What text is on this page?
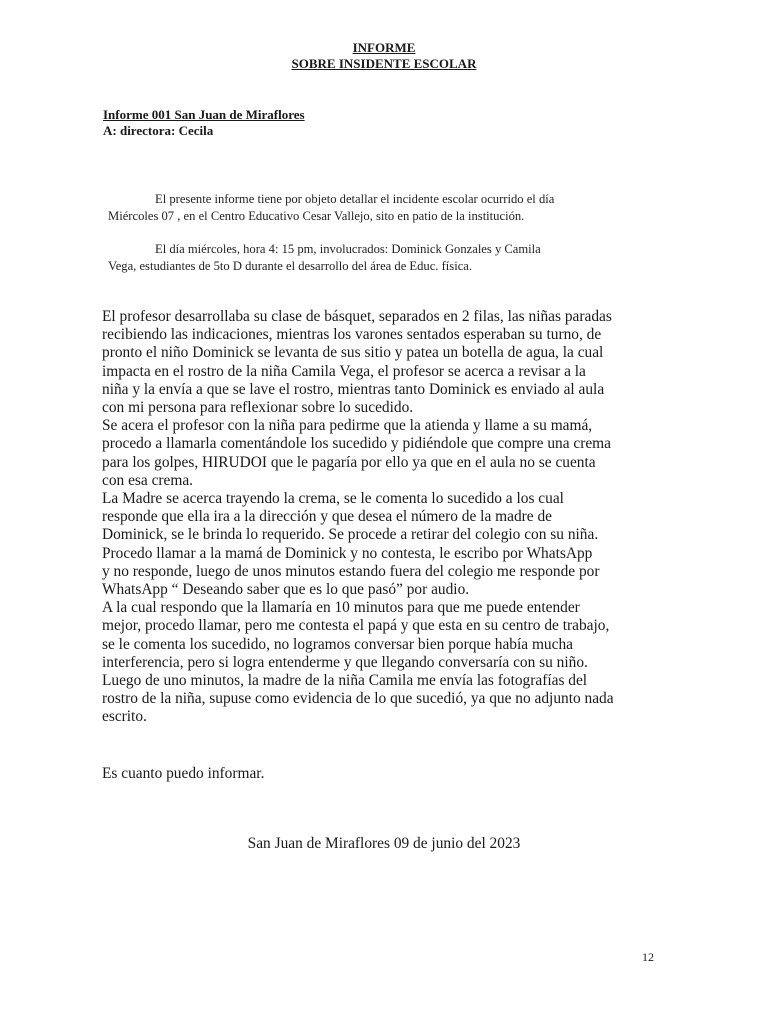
INFORME
SOBRE INSIDENTE ESCOLAR
Informe 001 San Juan de Miraflores
A: directora: Cecila
El presente informe tiene por objeto detallar el incidente escolar ocurrido el día
Miércoles 07 , en el Centro Educativo Cesar Vallejo, sito en patio de la institución.
El día miércoles, hora 4: 15 pm, involucrados: Dominick Gonzales y Camila
Vega, estudiantes de 5to D durante el desarrollo del área de Educ. física.
El profesor desarrollaba su clase de básquet, separados en 2 filas, las niñas paradas
recibiendo las indicaciones, mientras los varones sentados esperaban su turno, de
pronto el niño Dominick se levanta de sus sitio y patea un botella de agua, la cual
impacta en el rostro de la niña Camila Vega, el profesor se acerca a revisar a la
niña y la envía a que se lave el rostro, mientras tanto Dominick es enviado al aula
con mi persona para reflexionar sobre lo sucedido.
Se acera el profesor con la niña para pedirme que la atienda y llame a su mamá,
procedo a llamarla comentándole los sucedido y pidiéndole que compre una crema
para los golpes, HIRUDOI que le pagaría por ello ya que en el aula no se cuenta
con esa crema.
La Madre se acerca trayendo la crema, se le comenta lo sucedido a los cual
responde que ella ira a la dirección y que desea el número de la madre de
Dominick, se le brinda lo requerido. Se procede a retirar del colegio con su niña.
Procedo llamar a la mamá de Dominick y no contesta, le escribo por WhatsApp
y no responde, luego de unos minutos estando fuera del colegio me responde por
WhatsApp “ Deseando saber que es lo que pasó” por audio.
A la cual respondo que la llamaría en 10 minutos para que me puede entender
mejor, procedo llamar, pero me contesta el papá y que esta en su centro de trabajo,
se le comenta los sucedido, no logramos conversar bien porque había mucha
interferencia, pero si logra entenderme y que llegando conversaría con su niño.
Luego de uno minutos, la madre de la niña Camila me envía las fotografías del
rostro de la niña, supuse como evidencia de lo que sucedió, ya que no adjunto nada
escrito.
Es cuanto puedo informar.
San Juan de Miraflores 09 de junio del 2023
12
